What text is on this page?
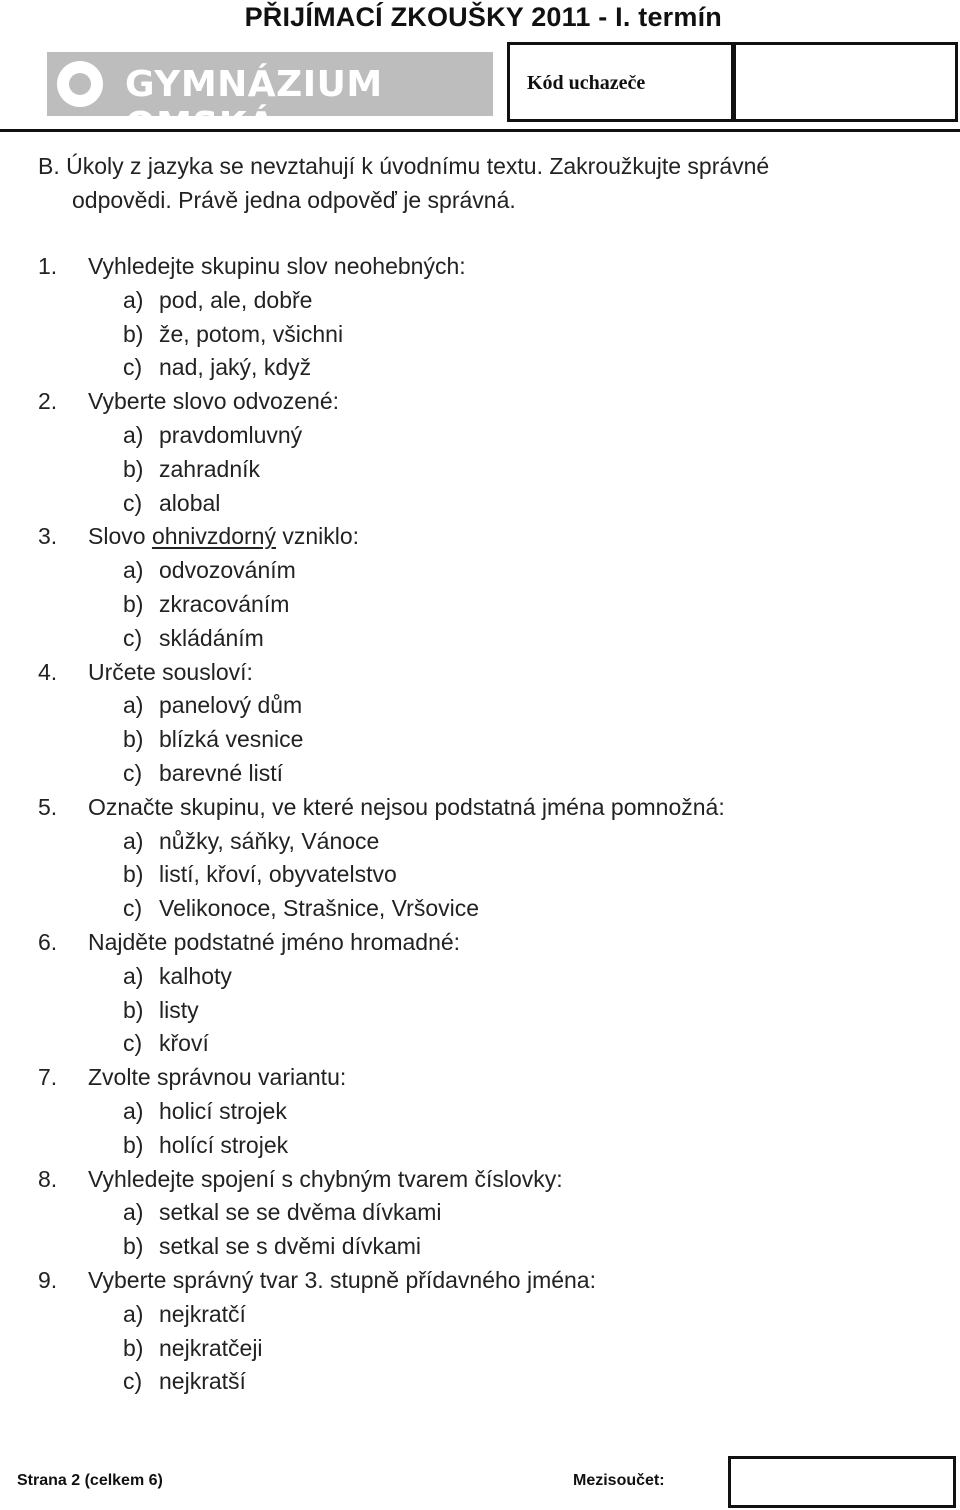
PŘIJÍMACÍ ZKOUŠKY 2011 - I. termín
GYMNÁZIUM OMSKÁ
Kód uchazeče
B. Úkoly z jazyka se nevztahují k úvodnímu textu. Zakroužkujte správné
odpovědi. Právě jedna odpověď je správná.
1. Vyhledejte skupinu slov neohebných:
a) pod, ale, dobře
b) že, potom, všichni
c) nad, jaký, když
2. Vyberte slovo odvozené:
a) pravdomluvný
b) zahradník
c) alobal
3. Slovo ohnivzdorný vzniklo:
a) odvozováním
b) zkracováním
c) skládáním
4. Určete sousloví:
a) panelový dům
b) blízká vesnice
c) barevné listí
5. Označte skupinu, ve které nejsou podstatná jména pomnožná:
a) nůžky, sáňky, Vánoce
b) listí, křoví, obyvatelstvo
c) Velikonoce, Strašnice, Vršovice
6. Najděte podstatné jméno hromadné:
a) kalhoty
b) listy
c) křoví
7. Zvolte správnou variantu:
a) holicí strojek
b) holící strojek
8. Vyhledejte spojení s chybným tvarem číslovky:
a) setkal se se dvěma dívkami
b) setkal se s dvěmi dívkami
9. Vyberte správný tvar 3. stupně přídavného jména:
a) nejkratčí
b) nejkratčeji
c) nejkratší
Strana 2 (celkem 6)	Mezisoučet:
